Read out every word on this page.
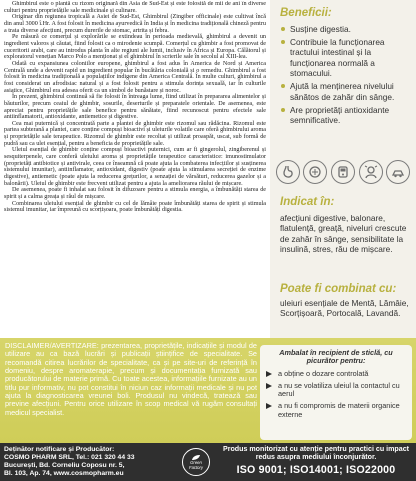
Ghimbirul este o plantă cu rizom originară din Asia de Sud-Est și este folosită de mii de ani în diverse culturi pentru proprietățile sale medicinale și culinare.

Originar din regiunea tropicală a Asiei de Sud-Est, Ghimbirul (Zingiber officinale) este cultivat încă din anul 3000 î.Hr. A fost folosit în medicina ayurvedică în India și în medicina tradițională chineză pentru a trata diverse afecțiuni, precum durerile de stomac, artrita și febra.

Pe măsură ce comerțul și explorările se extindeau în perioada medievală, ghimbirul a devenit un ingredient valoros și căutat, fiind folosit ca o mirodenie scumpă. Comerțul cu ghimbir a fost promovat de cuceritorii arabi, care au introdus planta în alte regiuni ale lumii, inclusiv în Africa și Europa. Călătorul și exploratorul venețian Marco Polo a menționat și el ghimbirul în scrierile sale în secolul al XIII-lea.

Odată cu expansiunea coloniilor europene, ghimbirul a fost adus în America de Nord și America Centrală unde a devenit rapid un ingredient popular în bucătăria colonială și o remediu. Ghimbirul a fost folosit în medicina tradițională a populațiilor indigene din America Centrală. În multe culturi, ghimbirul a fost considerat un afrodisiac natural și a fost folosit pentru a stimula dorința sexuală, iar în culturile asiatice, Ghimbirul era adesea oferit ca un simbol de bunăstare și noroc.

În prezent, ghimbirul continuă să fie folosit în întreaga lume, fiind utilizat în prepararea alimentelor și băuturilor, precum ceaiul de ghimbir, sosurile, deserturile și preparatele orientale. De asemenea, este apreciat pentru proprietățile sale benefice pentru sănătate, fiind recunoscut pentru efectele sale antiinflamatorii, antioxidante, antiemetice și digestive.

Cea mai puternică și concentrată parte a plantei de ghimbir este rizomul sau rădăcina. Rizomul este partea subterană a plantei, care conține compuși bioactivi și uleiurile volatile care oferă ghimbirului aroma și proprietățile sale terapeutice. Rizomul de ghimbir este recoltat și utilizat proaspăt, uscat, sub formă de pudră sau ca ulei esențial, pentru a beneficia de proprietățile sale.

Uleiul esențial de ghimbir conține compuși bioactivi puternici, cum ar fi gingerolul, zingiberenul și sesquiterpenele, care conferă uleiului aroma și proprietățile terapeutice caracteristice: imunostimulator (proprietăți antibiotice și antivirale, ceea ce înseamnă că poate ajuta la combaterea infecțiilor și susținerea sistemului imunitar), antiinflamator, antioxidant, digestiv (poate ajuta la stimularea secreției de enzime digestive), antiemetic (poate ajuta la reducerea grețurilor, a senzației de vărsături, reducerea gazelor și a balonării). Uleiul de ghimbir este frecvent utilizat pentru a ajuta la ameliorarea răului de mișcare.

De asemenea, poate fi inhalat sau folosit în difuzoare pentru a stimula energia, a îmbunătăți starea de spirit și a calma greața și răul de mișcare.

Combinarea uleiului esențial de ghimbir cu cel de lămâie poate îmbunătăți starea de spirit și stimula sistemul imunitar, iar împreună cu scorțișoara, poate îmbunătăți digestia.

Beneficii:
Susține digestia.
Contribuie la funcționarea tractului intestinal și la funcționarea normală a stomacului.
Ajută la menținerea nivelului sănătos de zahăr din sânge.
Are proprietăți antioxidante semnificative.
Indicat în:

afecțiuni digestive, balonare, flatulență, greață, niveluri crescute de zahăr în sânge, sensibilitate la insulină, stres, rău de mișcare.

Poate fi combinat cu:

uleiuri esențiale de Mentă, Lămâie, Scorțișoară, Portocală, Lavandă.

DISCLAIMER/AVERTIZARE: prezentarea, proprietățile, indicațiile și modul de utilizare au ca bază lucrări și publicații științifice de specialitate. Se recomandă citirea lucrărilor de specialitate, ca și pe site-uri de referință în domeniu, despre aromaterapie, precum și documentația furnizată sau producătorului de materie primă. Cu toate acestea, informațiile furnizate au un titlu pur informativ, nu pot constitui în niciun caz informații medicale și nu pot ajuta la diagnosticarea vreunei boli. Produsul nu vindecă, tratează sau previne afecțiuni. Pentru orice utilizare în scop medical vă rugăm consultați medicul specialist.
Ambalat în recipient de sticlă, cu picurător pentru:
a obține o dozare controlată
a nu se volatiliza uleiul la contactul cu aerul
a nu fi compromis de materii organice externe
Deținător notificare și Producător:
COSMO PHARM SRL, Tel.: 021 320 44 33
București, Bd. Corneliu Coposu nr. 5,
Bl. 103, Ap. 74, www.cosmopharm.eu
Green
Factory
Produs monitorizat cu atenție pentru practici cu impact redus asupra mediului înconjurător.
ISO 9001; ISO14001; ISO22000
